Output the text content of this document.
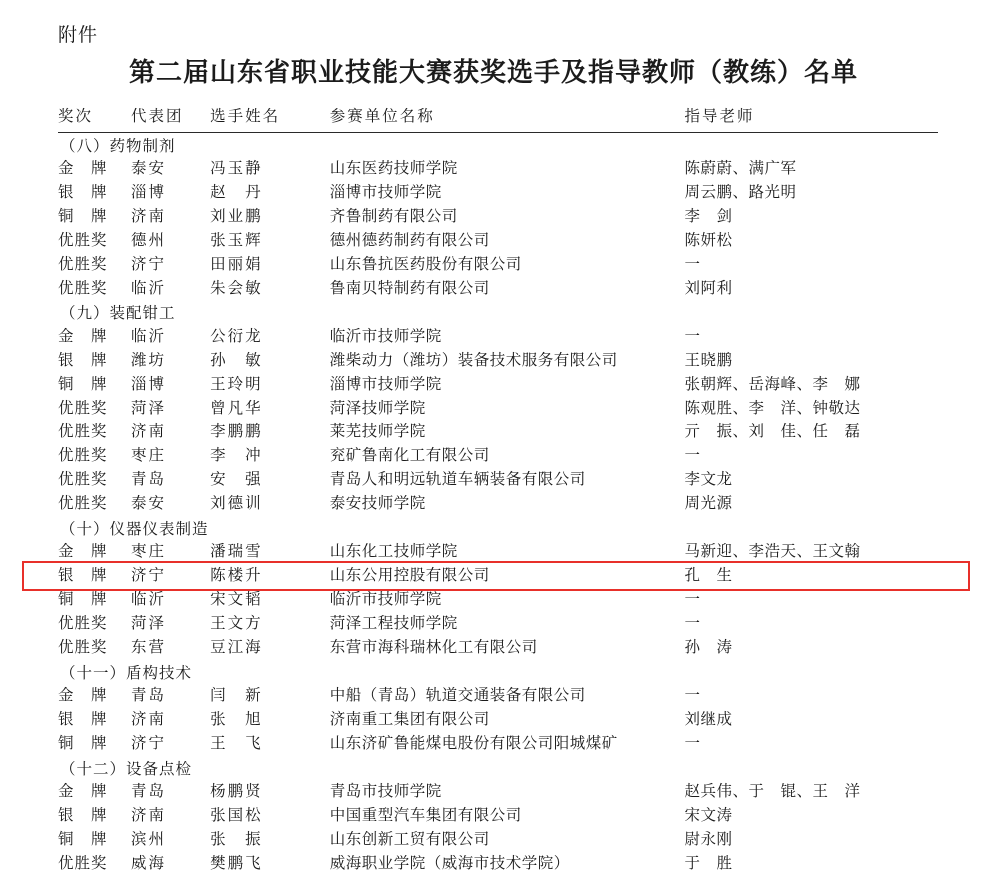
附件
第二届山东省职业技能大赛获奖选手及指导教师（教练）名单
奖次	代表团	选手姓名	参赛单位名称	指导老师
（八）药物制剂				
金　牌	泰安	冯玉静	山东医药技师学院	陈蔚蔚、满广军
银　牌	淄博	赵　丹	淄博市技师学院	周云鹏、路光明
铜　牌	济南	刘业鹏	齐鲁制药有限公司	李　剑
优胜奖	德州	张玉辉	德州德药制药有限公司	陈妍松
优胜奖	济宁	田丽娟	山东鲁抗医药股份有限公司	一
优胜奖	临沂	朱会敏	鲁南贝特制药有限公司	刘阿利
（九）装配钳工				
金　牌	临沂	公衍龙	临沂市技师学院	一
银　牌	潍坊	孙　敏	潍柴动力（潍坊）装备技术服务有限公司	王晓鹏
铜　牌	淄博	王玲明	淄博市技师学院	张朝辉、岳海峰、李　娜
优胜奖	菏泽	曾凡华	菏泽技师学院	陈观胜、李　洋、钟敬达
优胜奖	济南	李鹏鹏	莱芜技师学院	亓　振、刘　佳、任　磊
优胜奖	枣庄	李　冲	兖矿鲁南化工有限公司	一
优胜奖	青岛	安　强	青岛人和明远轨道车辆装备有限公司	李文龙
优胜奖	泰安	刘德训	泰安技师学院	周光源
（十）仪器仪表制造				
金　牌	枣庄	潘瑞雪	山东化工技师学院	马新迎、李浩天、王文翰
银　牌	济宁	陈楼升	山东公用控股有限公司	孔　生
铜　牌	临沂	宋文韬	临沂市技师学院	一
优胜奖	菏泽	王文方	菏泽工程技师学院	一
优胜奖	东营	豆江海	东营市海科瑞林化工有限公司	孙　涛
（十一）盾构技术				
金　牌	青岛	闫　新	中船（青岛）轨道交通装备有限公司	一
银　牌	济南	张　旭	济南重工集团有限公司	刘继成
铜　牌	济宁	王　飞	山东济矿鲁能煤电股份有限公司阳城煤矿	一
（十二）设备点检				
金　牌	青岛	杨鹏贤	青岛市技师学院	赵兵伟、于　锟、王　洋
银　牌	济南	张国松	中国重型汽车集团有限公司	宋文涛
铜　牌	滨州	张　振	山东创新工贸有限公司	尉永刚
优胜奖	威海	樊鹏飞	威海职业学院（威海市技术学院）	于　胜
